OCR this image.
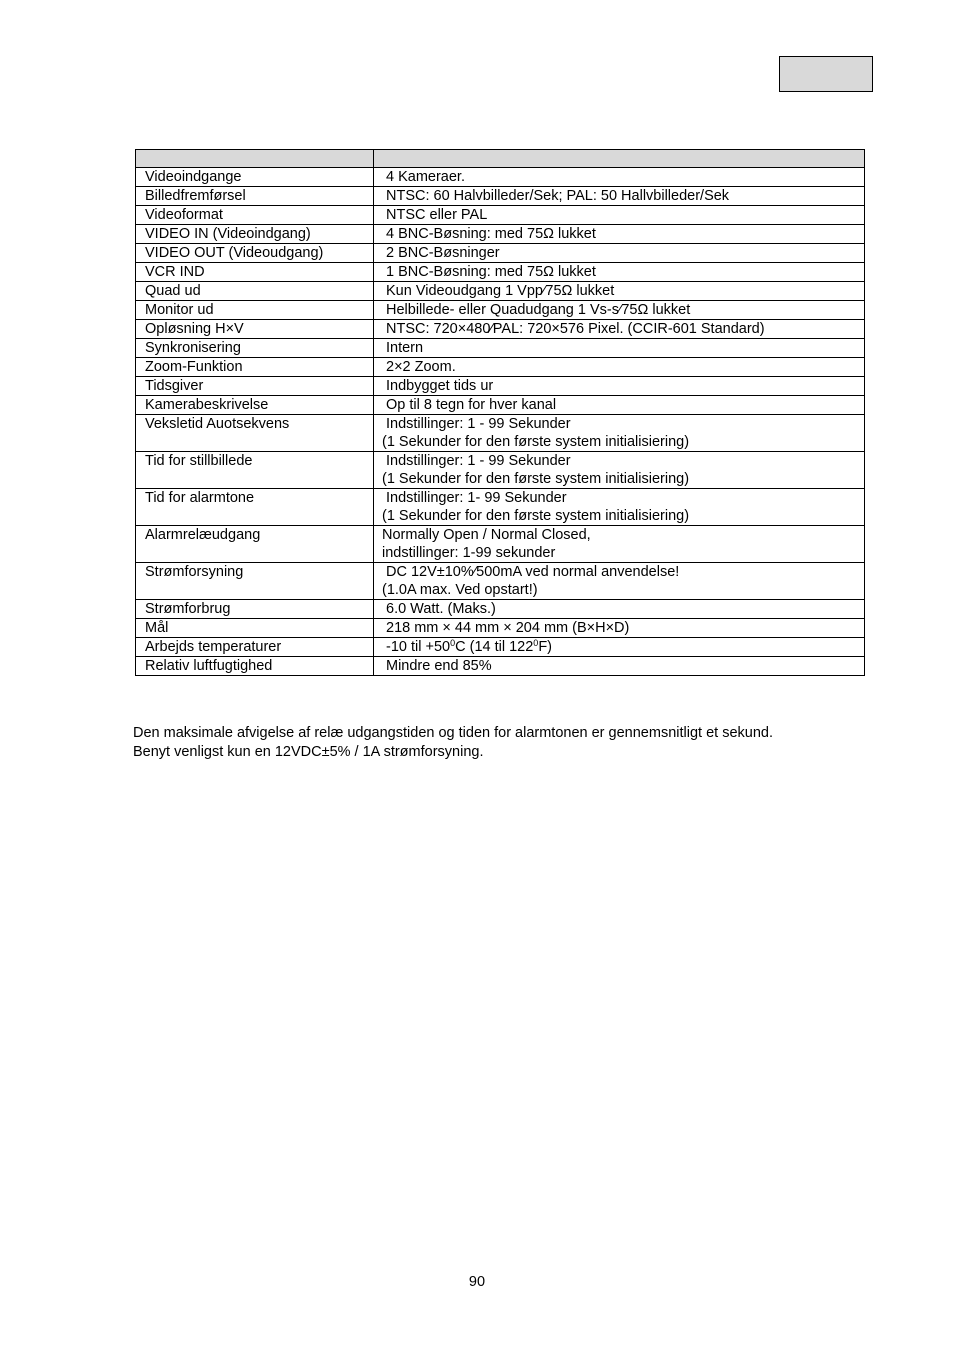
Videoindgange	4 Kameraer.
Billedfremførsel	NTSC: 60 Halvbilleder/Sek; PAL: 50 Hallvbilleder/Sek
Videoformat	NTSC eller PAL
VIDEO IN (Videoindgang)	4 BNC-Bøsning: med 75Ω lukket
VIDEO OUT (Videoudgang)	2 BNC-Bøsninger
VCR IND	1 BNC-Bøsning: med 75Ω lukket
Quad ud	Kun Videoudgang 1 Vpp∕75Ω lukket
Monitor ud	Helbillede- eller Quadudgang 1 Vs-s∕75Ω lukket
Opløsning H×V	NTSC: 720×480∕PAL: 720×576 Pixel. (CCIR-601 Standard)
Synkronisering	Intern
Zoom-Funktion	2×2 Zoom.
Tidsgiver	Indbygget tids ur
Kamerabeskrivelse	Op til 8 tegn for hver kanal
Veksletid Auotsekvens	Indstillinger: 1 - 99 Sekunder
(1 Sekunder for den første system initialisiering)

Tid for stillbillede	Indstillinger: 1 - 99 Sekunder
(1 Sekunder for den første system initialisiering)

Tid for alarmtone	Indstillinger: 1- 99 Sekunder
(1 Sekunder for den første system initialisiering)

Alarmrelæudgang	Normally Open / Normal Closed,
indstillinger: 1-99 sekunder

Strømforsyning	DC 12V±10%∕500mA ved normal anvendelse!
(1.0A max. Ved opstart!)

Strømforbrug	6.0 Watt. (Maks.)
Mål	218 mm × 44 mm × 204 mm (B×H×D)
Arbejds temperaturer	-10 til $+50^0C$ (14 til $122^0F$)
Relativ luftfugtighed	Mindre end 85%

Den maksimale afvigelse af relæ udgangstiden og tiden for alarmtonen er gennemsnitligt et sekund.

Benyt venligst kun en 12VDC±5% / 1A strømforsyning.

90
